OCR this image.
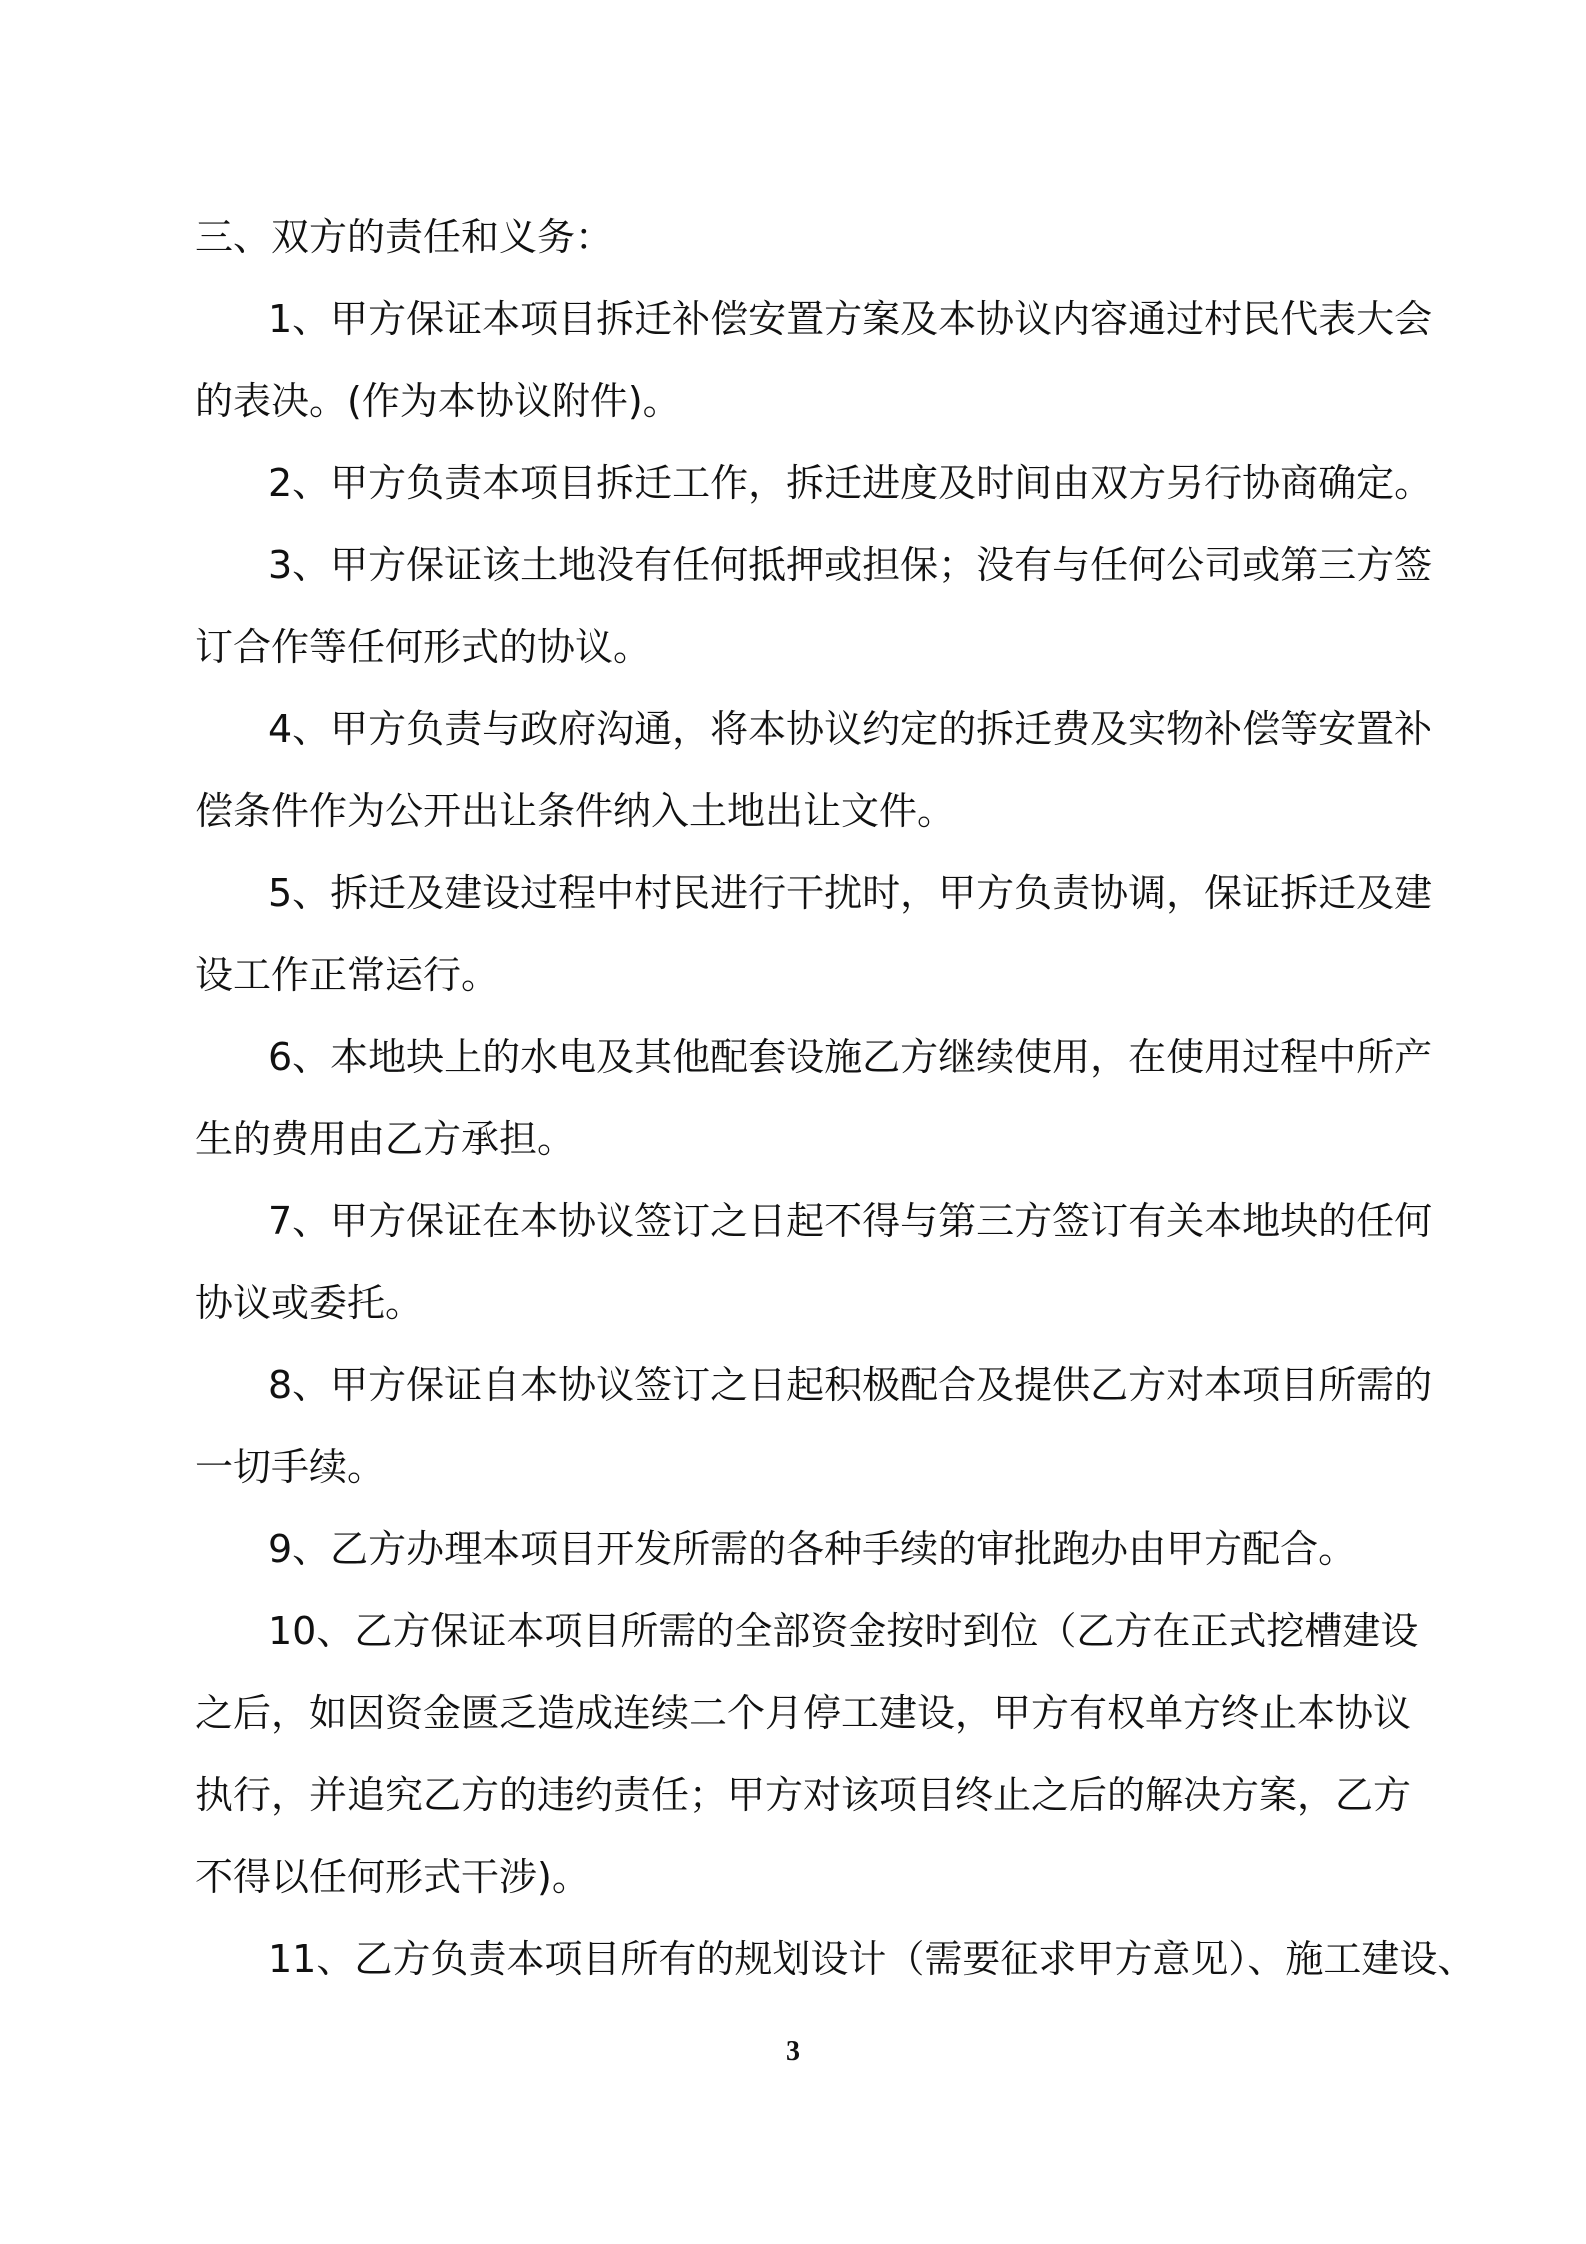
三、双方的责任和义务：
1、甲方保证本项目拆迁补偿安置方案及本协议内容通过村民代表大会
的表决。(作为本协议附件)。
2、甲方负责本项目拆迁工作，拆迁进度及时间由双方另行协商确定。
3、甲方保证该土地没有任何抵押或担保；没有与任何公司或第三方签
订合作等任何形式的协议。
4、甲方负责与政府沟通，将本协议约定的拆迁费及实物补偿等安置补
偿条件作为公开出让条件纳入土地出让文件。
5、拆迁及建设过程中村民进行干扰时，甲方负责协调，保证拆迁及建
设工作正常运行。
6、本地块上的水电及其他配套设施乙方继续使用，在使用过程中所产
生的费用由乙方承担。
7、甲方保证在本协议签订之日起不得与第三方签订有关本地块的任何
协议或委托。
8、甲方保证自本协议签订之日起积极配合及提供乙方对本项目所需的
一切手续。
9、乙方办理本项目开发所需的各种手续的审批跑办由甲方配合。
10、乙方保证本项目所需的全部资金按时到位（乙方在正式挖槽建设
之后，如因资金匮乏造成连续二个月停工建设，甲方有权单方终止本协议
执行，并追究乙方的违约责任；甲方对该项目终止之后的解决方案，乙方
不得以任何形式干涉)。
11、乙方负责本项目所有的规划设计（需要征求甲方意见）、施工建设、
3
